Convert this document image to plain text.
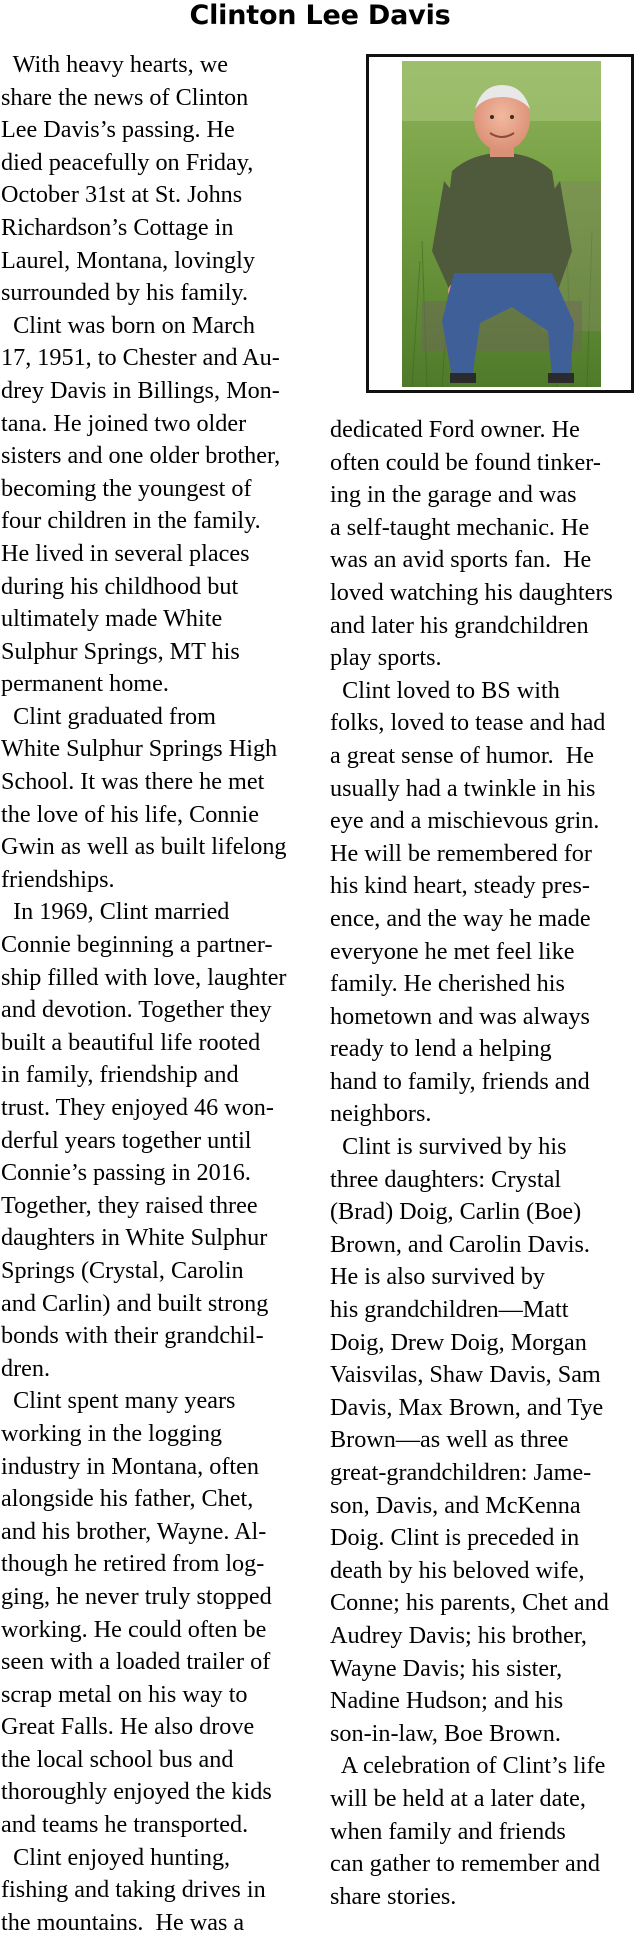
Clinton Lee Davis
With heavy hearts, we
share the news of Clinton
Lee Davis’s passing. He
died peacefully on Friday,
October 31st at St. Johns
Richardson’s Cottage in
Laurel, Montana, lovingly
surrounded by his family.
Clint was born on March
17, 1951, to Chester and Au-
drey Davis in Billings, Mon-
tana. He joined two older
sisters and one older brother,
becoming the youngest of
four children in the family.
He lived in several places
during his childhood but
ultimately made White
Sulphur Springs, MT his
permanent home.
Clint graduated from
White Sulphur Springs High
School. It was there he met
the love of his life, Connie
Gwin as well as built lifelong
friendships.
In 1969, Clint married
Connie beginning a partner-
ship filled with love, laughter
and devotion. Together they
built a beautiful life rooted
in family, friendship and
trust. They enjoyed 46 won-
derful years together until
Connie’s passing in 2016.
Together, they raised three
daughters in White Sulphur
Springs (Crystal, Carolin
and Carlin) and built strong
bonds with their grandchil-
dren.
Clint spent many years
working in the logging
industry in Montana, often
alongside his father, Chet,
and his brother, Wayne. Al-
though he retired from log-
ging, he never truly stopped
working. He could often be
seen with a loaded trailer of
scrap metal on his way to
Great Falls. He also drove
the local school bus and
thoroughly enjoyed the kids
and teams he transported.
Clint enjoyed hunting,
fishing and taking drives in
the mountains.  He was a
dedicated Ford owner. He
often could be found tinker-
ing in the garage and was
a self-taught mechanic. He
was an avid sports fan.  He
loved watching his daughters
and later his grandchildren
play sports.
Clint loved to BS with
folks, loved to tease and had
a great sense of humor.  He
usually had a twinkle in his
eye and a mischievous grin.
He will be remembered for
his kind heart, steady pres-
ence, and the way he made
everyone he met feel like
family. He cherished his
hometown and was always
ready to lend a helping
hand to family, friends and
neighbors.
Clint is survived by his
three daughters: Crystal
(Brad) Doig, Carlin (Boe)
Brown, and Carolin Davis.
He is also survived by
his grandchildren—Matt
Doig, Drew Doig, Morgan
Vaisvilas, Shaw Davis, Sam
Davis, Max Brown, and Tye
Brown—as well as three
great-grandchildren: Jame-
son, Davis, and McKenna
Doig. Clint is preceded in
death by his beloved wife,
Conne; his parents, Chet and
Audrey Davis; his brother,
Wayne Davis; his sister,
Nadine Hudson; and his
son-in-law, Boe Brown.
A celebration of Clint’s life
will be held at a later date,
when family and friends
can gather to remember and
share stories.
